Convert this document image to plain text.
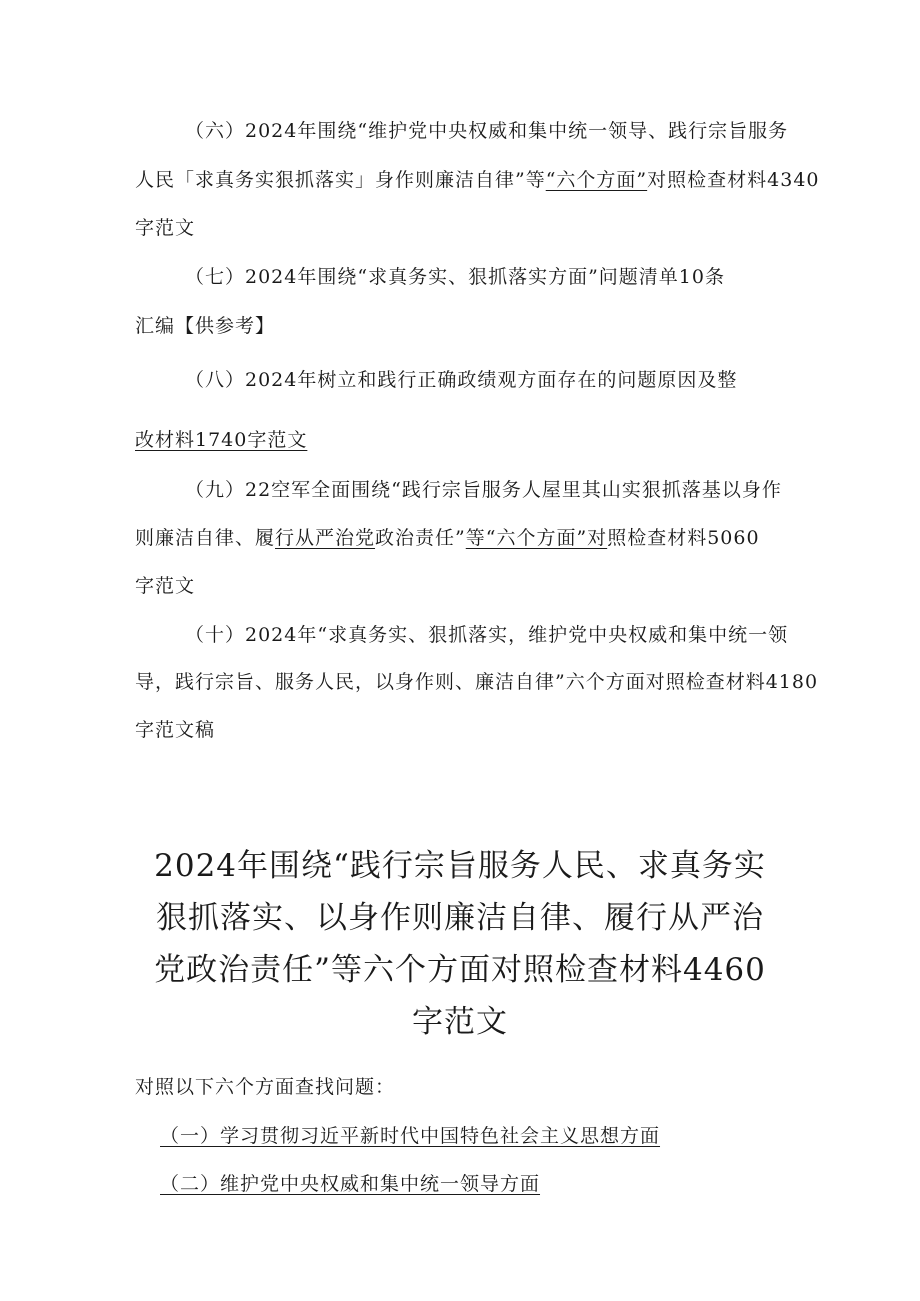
（六）2024年围绕“维护党中央权威和集中统一领导、践行宗旨服务
人民「求真务实狠抓落实」身作则廉洁自律”等“六个方面”对照检查材料4340
字范文
（七）2024年围绕“求真务实、狠抓落实方面”问题清单10条
汇编【供参考】
（八）2024年树立和践行正确政绩观方面存在的问题原因及整
改材料1740字范文
（九）22空军全面围绕“践行宗旨服务人屋里其山实狠抓落基以身作
则廉洁自律、履行从严治党政治责任”等“六个方面”对照检查材料5060
字范文
（十）2024年“求真务实、狠抓落实，维护党中央权威和集中统一领
导，践行宗旨、服务人民，以身作则、廉洁自律”六个方面对照检查材料4180
字范文稿
2024年围绕“践行宗旨服务人民、求真务实
狠抓落实、以身作则廉洁自律、履行从严治
党政治责任”等六个方面对照检查材料4460
字范文
对照以下六个方面查找问题：
（一）学习贯彻习近平新时代中国特色社会主义思想方面
（二）维护党中央权威和集中统一领导方面
